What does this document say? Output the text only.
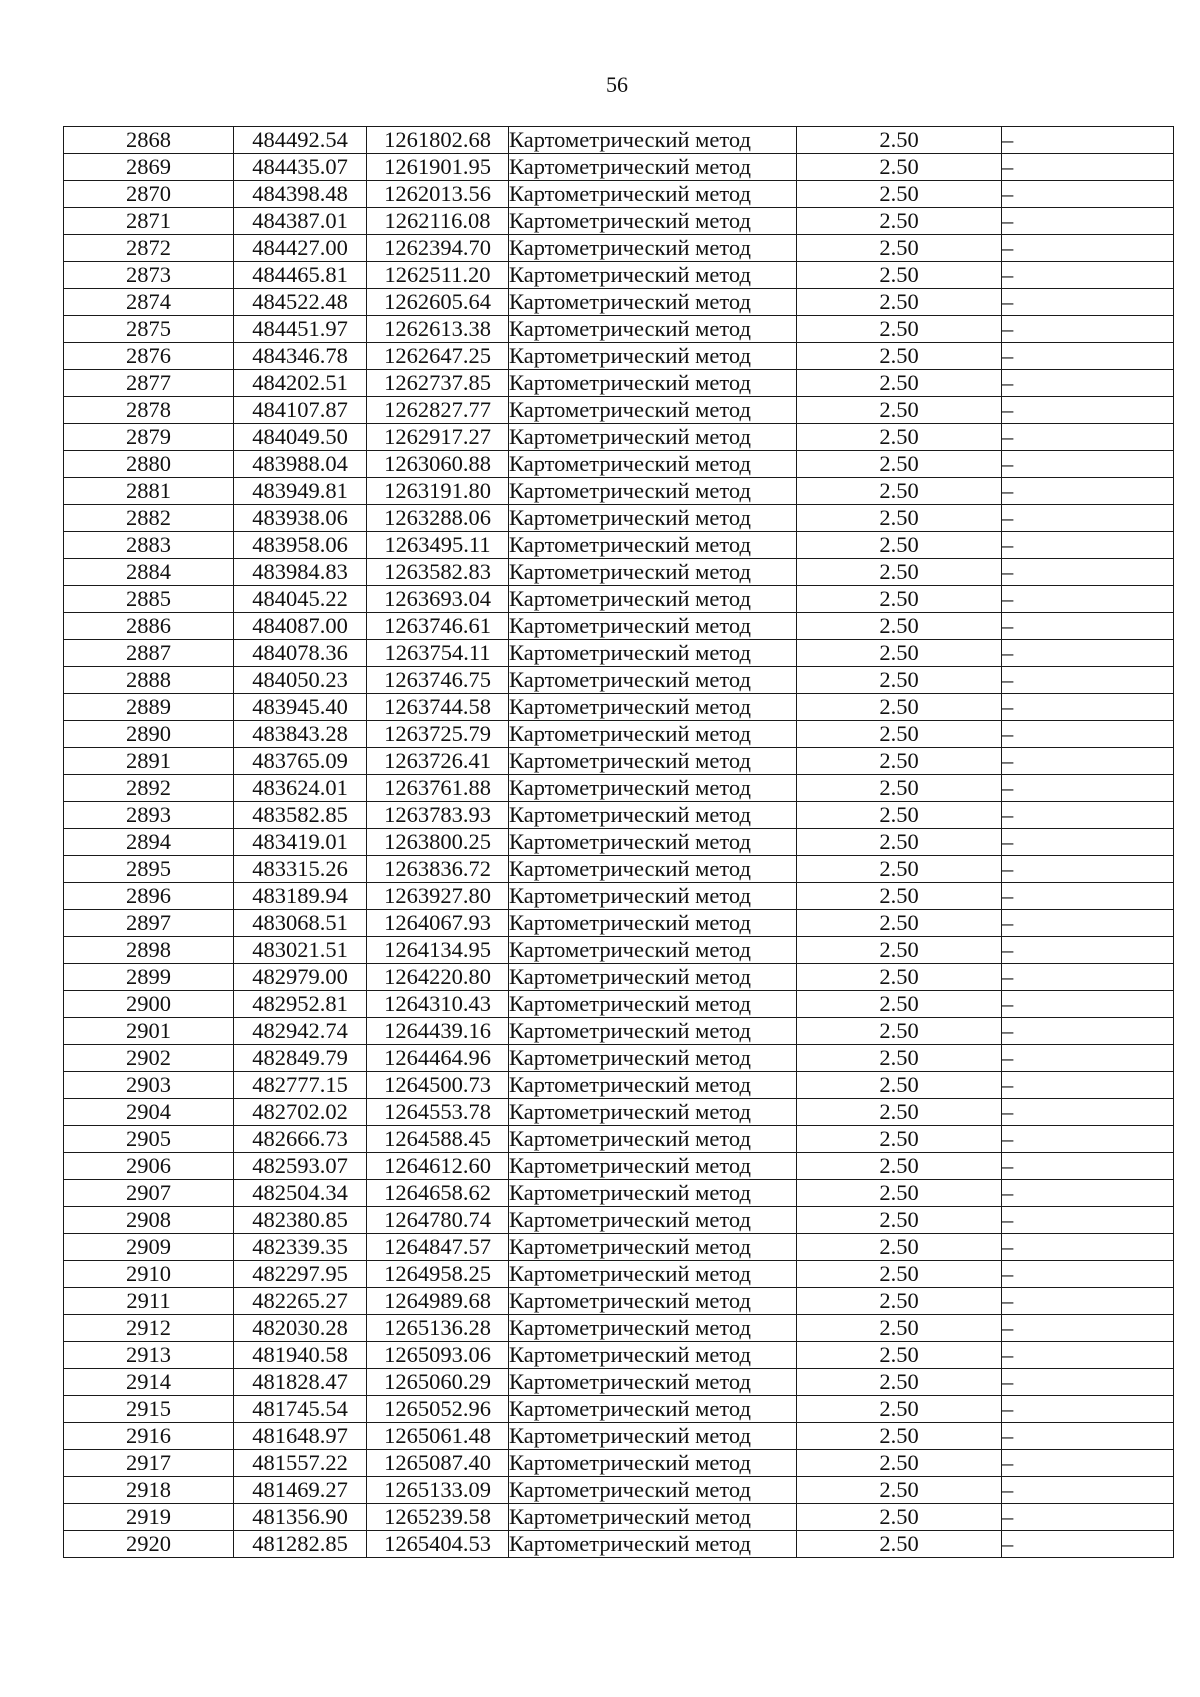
56
2868	484492.54	1261802.68	Картометрический метод	2.50	–
2869	484435.07	1261901.95	Картометрический метод	2.50	–
2870	484398.48	1262013.56	Картометрический метод	2.50	–
2871	484387.01	1262116.08	Картометрический метод	2.50	–
2872	484427.00	1262394.70	Картометрический метод	2.50	–
2873	484465.81	1262511.20	Картометрический метод	2.50	–
2874	484522.48	1262605.64	Картометрический метод	2.50	–
2875	484451.97	1262613.38	Картометрический метод	2.50	–
2876	484346.78	1262647.25	Картометрический метод	2.50	–
2877	484202.51	1262737.85	Картометрический метод	2.50	–
2878	484107.87	1262827.77	Картометрический метод	2.50	–
2879	484049.50	1262917.27	Картометрический метод	2.50	–
2880	483988.04	1263060.88	Картометрический метод	2.50	–
2881	483949.81	1263191.80	Картометрический метод	2.50	–
2882	483938.06	1263288.06	Картометрический метод	2.50	–
2883	483958.06	1263495.11	Картометрический метод	2.50	–
2884	483984.83	1263582.83	Картометрический метод	2.50	–
2885	484045.22	1263693.04	Картометрический метод	2.50	–
2886	484087.00	1263746.61	Картометрический метод	2.50	–
2887	484078.36	1263754.11	Картометрический метод	2.50	–
2888	484050.23	1263746.75	Картометрический метод	2.50	–
2889	483945.40	1263744.58	Картометрический метод	2.50	–
2890	483843.28	1263725.79	Картометрический метод	2.50	–
2891	483765.09	1263726.41	Картометрический метод	2.50	–
2892	483624.01	1263761.88	Картометрический метод	2.50	–
2893	483582.85	1263783.93	Картометрический метод	2.50	–
2894	483419.01	1263800.25	Картометрический метод	2.50	–
2895	483315.26	1263836.72	Картометрический метод	2.50	–
2896	483189.94	1263927.80	Картометрический метод	2.50	–
2897	483068.51	1264067.93	Картометрический метод	2.50	–
2898	483021.51	1264134.95	Картометрический метод	2.50	–
2899	482979.00	1264220.80	Картометрический метод	2.50	–
2900	482952.81	1264310.43	Картометрический метод	2.50	–
2901	482942.74	1264439.16	Картометрический метод	2.50	–
2902	482849.79	1264464.96	Картометрический метод	2.50	–
2903	482777.15	1264500.73	Картометрический метод	2.50	–
2904	482702.02	1264553.78	Картометрический метод	2.50	–
2905	482666.73	1264588.45	Картометрический метод	2.50	–
2906	482593.07	1264612.60	Картометрический метод	2.50	–
2907	482504.34	1264658.62	Картометрический метод	2.50	–
2908	482380.85	1264780.74	Картометрический метод	2.50	–
2909	482339.35	1264847.57	Картометрический метод	2.50	–
2910	482297.95	1264958.25	Картометрический метод	2.50	–
2911	482265.27	1264989.68	Картометрический метод	2.50	–
2912	482030.28	1265136.28	Картометрический метод	2.50	–
2913	481940.58	1265093.06	Картометрический метод	2.50	–
2914	481828.47	1265060.29	Картометрический метод	2.50	–
2915	481745.54	1265052.96	Картометрический метод	2.50	–
2916	481648.97	1265061.48	Картометрический метод	2.50	–
2917	481557.22	1265087.40	Картометрический метод	2.50	–
2918	481469.27	1265133.09	Картометрический метод	2.50	–
2919	481356.90	1265239.58	Картометрический метод	2.50	–
2920	481282.85	1265404.53	Картометрический метод	2.50	–
